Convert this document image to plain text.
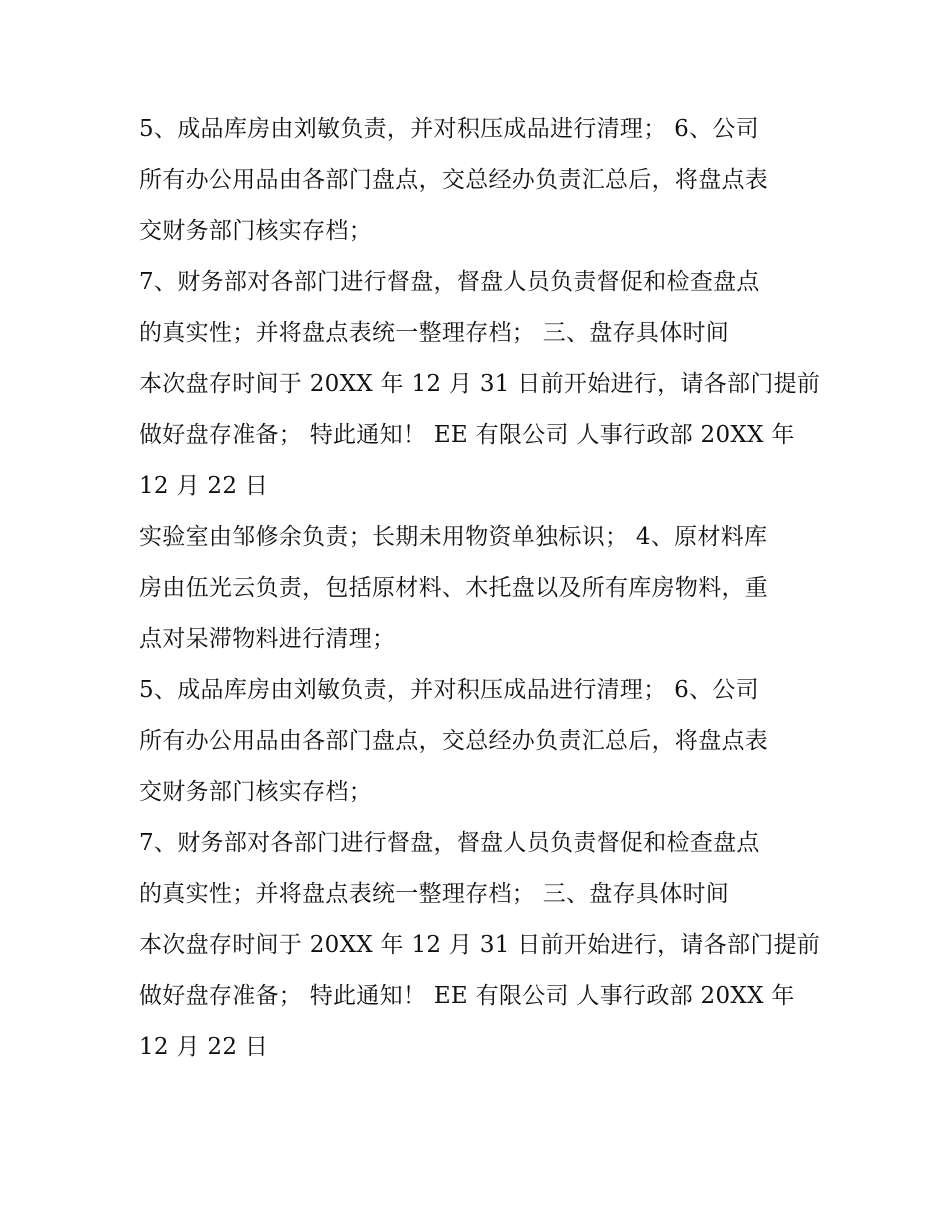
5、成品库房由刘敏负责，并对积压成品进行清理； 6、公司
所有办公用品由各部门盘点，交总经办负责汇总后，将盘点表
交财务部门核实存档；
7、财务部对各部门进行督盘，督盘人员负责督促和检查盘点
的真实性；并将盘点表统一整理存档； 三、盘存具体时间
本次盘存时间于 20XX 年 12 月 31 日前开始进行，请各部门提前
做好盘存准备； 特此通知！ EE 有限公司 人事行政部 20XX 年
12 月 22 日
实验室由邹修余负责；长期未用物资单独标识； 4、原材料库
房由伍光云负责，包括原材料、木托盘以及所有库房物料，重
点对呆滞物料进行清理；
5、成品库房由刘敏负责，并对积压成品进行清理； 6、公司
所有办公用品由各部门盘点，交总经办负责汇总后，将盘点表
交财务部门核实存档；
7、财务部对各部门进行督盘，督盘人员负责督促和检查盘点
的真实性；并将盘点表统一整理存档； 三、盘存具体时间
本次盘存时间于 20XX 年 12 月 31 日前开始进行，请各部门提前
做好盘存准备； 特此通知！ EE 有限公司 人事行政部 20XX 年
12 月 22 日
